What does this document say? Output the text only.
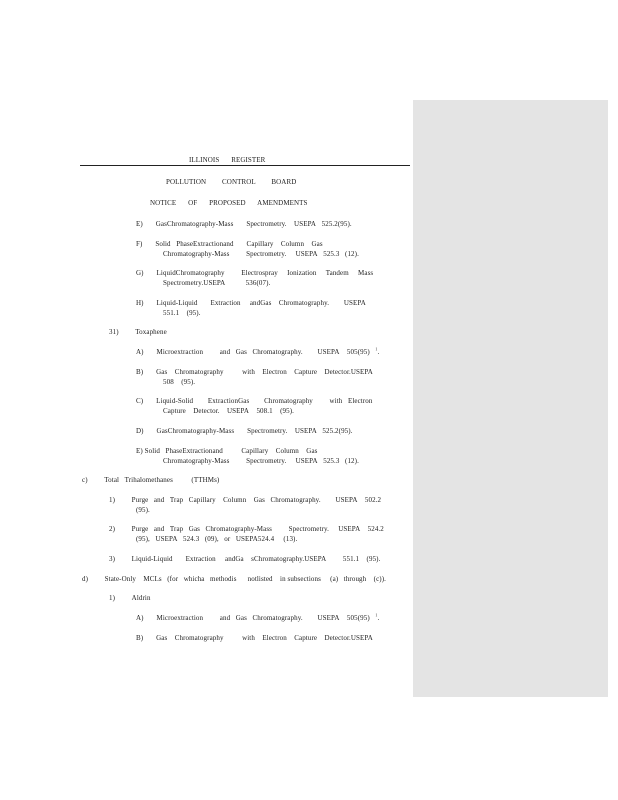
ILLINOIS REGISTER
POLLUTION CONTROL BOARD
NOTICE OF PROPOSED AMENDMENTS
E)       GasChromatography-Mass       Spectrometry.    USEPA   525.2(95).
F)       Solid   PhaseExtractionand       Capillary    Column    Gas
Chromatography-Mass         Spectrometry.     USEPA   525.3   (12).
G)       LiquidChromatography         Electrospray     Ionization     Tandem     Mass
Spectrometry.USEPA           536(07).
H)       Liquid-Liquid       Extraction     andGas    Chromatography.        USEPA
551.1    (95).
31)         Toxaphene
A)       Microextraction         and   Gas   Chromatography.        USEPA    505(95) $^1$.
B)       Gas    Chromatography          with    Electron    Capture    Detector.USEPA
508    (95).
C)       Liquid-Solid        ExtractionGas        Chromatography         with   Electron
Capture    Detector.    USEPA    508.1    (95).
D)       GasChromatography-Mass       Spectrometry.    USEPA   525.2(95).
E) Solid   PhaseExtractionand          Capillary    Column    Gas
Chromatography-Mass         Spectrometry.     USEPA   525.3   (12).
c)         Total   Trihalomethanes          (TTHMs)
1)         Purge   and   Trap   Capillary    Column    Gas   Chromatography.        USEPA    502.2
(95).
2)         Purge   and   Trap   Gas   Chromatography-Mass         Spectrometry.     USEPA    524.2
(95),   USEPA   524.3   (09),   or   USEPA524.4     (13).
3)         Liquid-Liquid       Extraction     andGa    sChromatography.USEPA         551.1    (95).
d)         State-Only    MCLs   (for   whicha   methodis      notlisted    in subsections     (a)   through    (c)).
1)         Aldrin
A)       Microextraction         and   Gas   Chromatography.        USEPA    505(95) $^1$.
B)       Gas    Chromatography          with    Electron    Capture    Detector.USEPA
